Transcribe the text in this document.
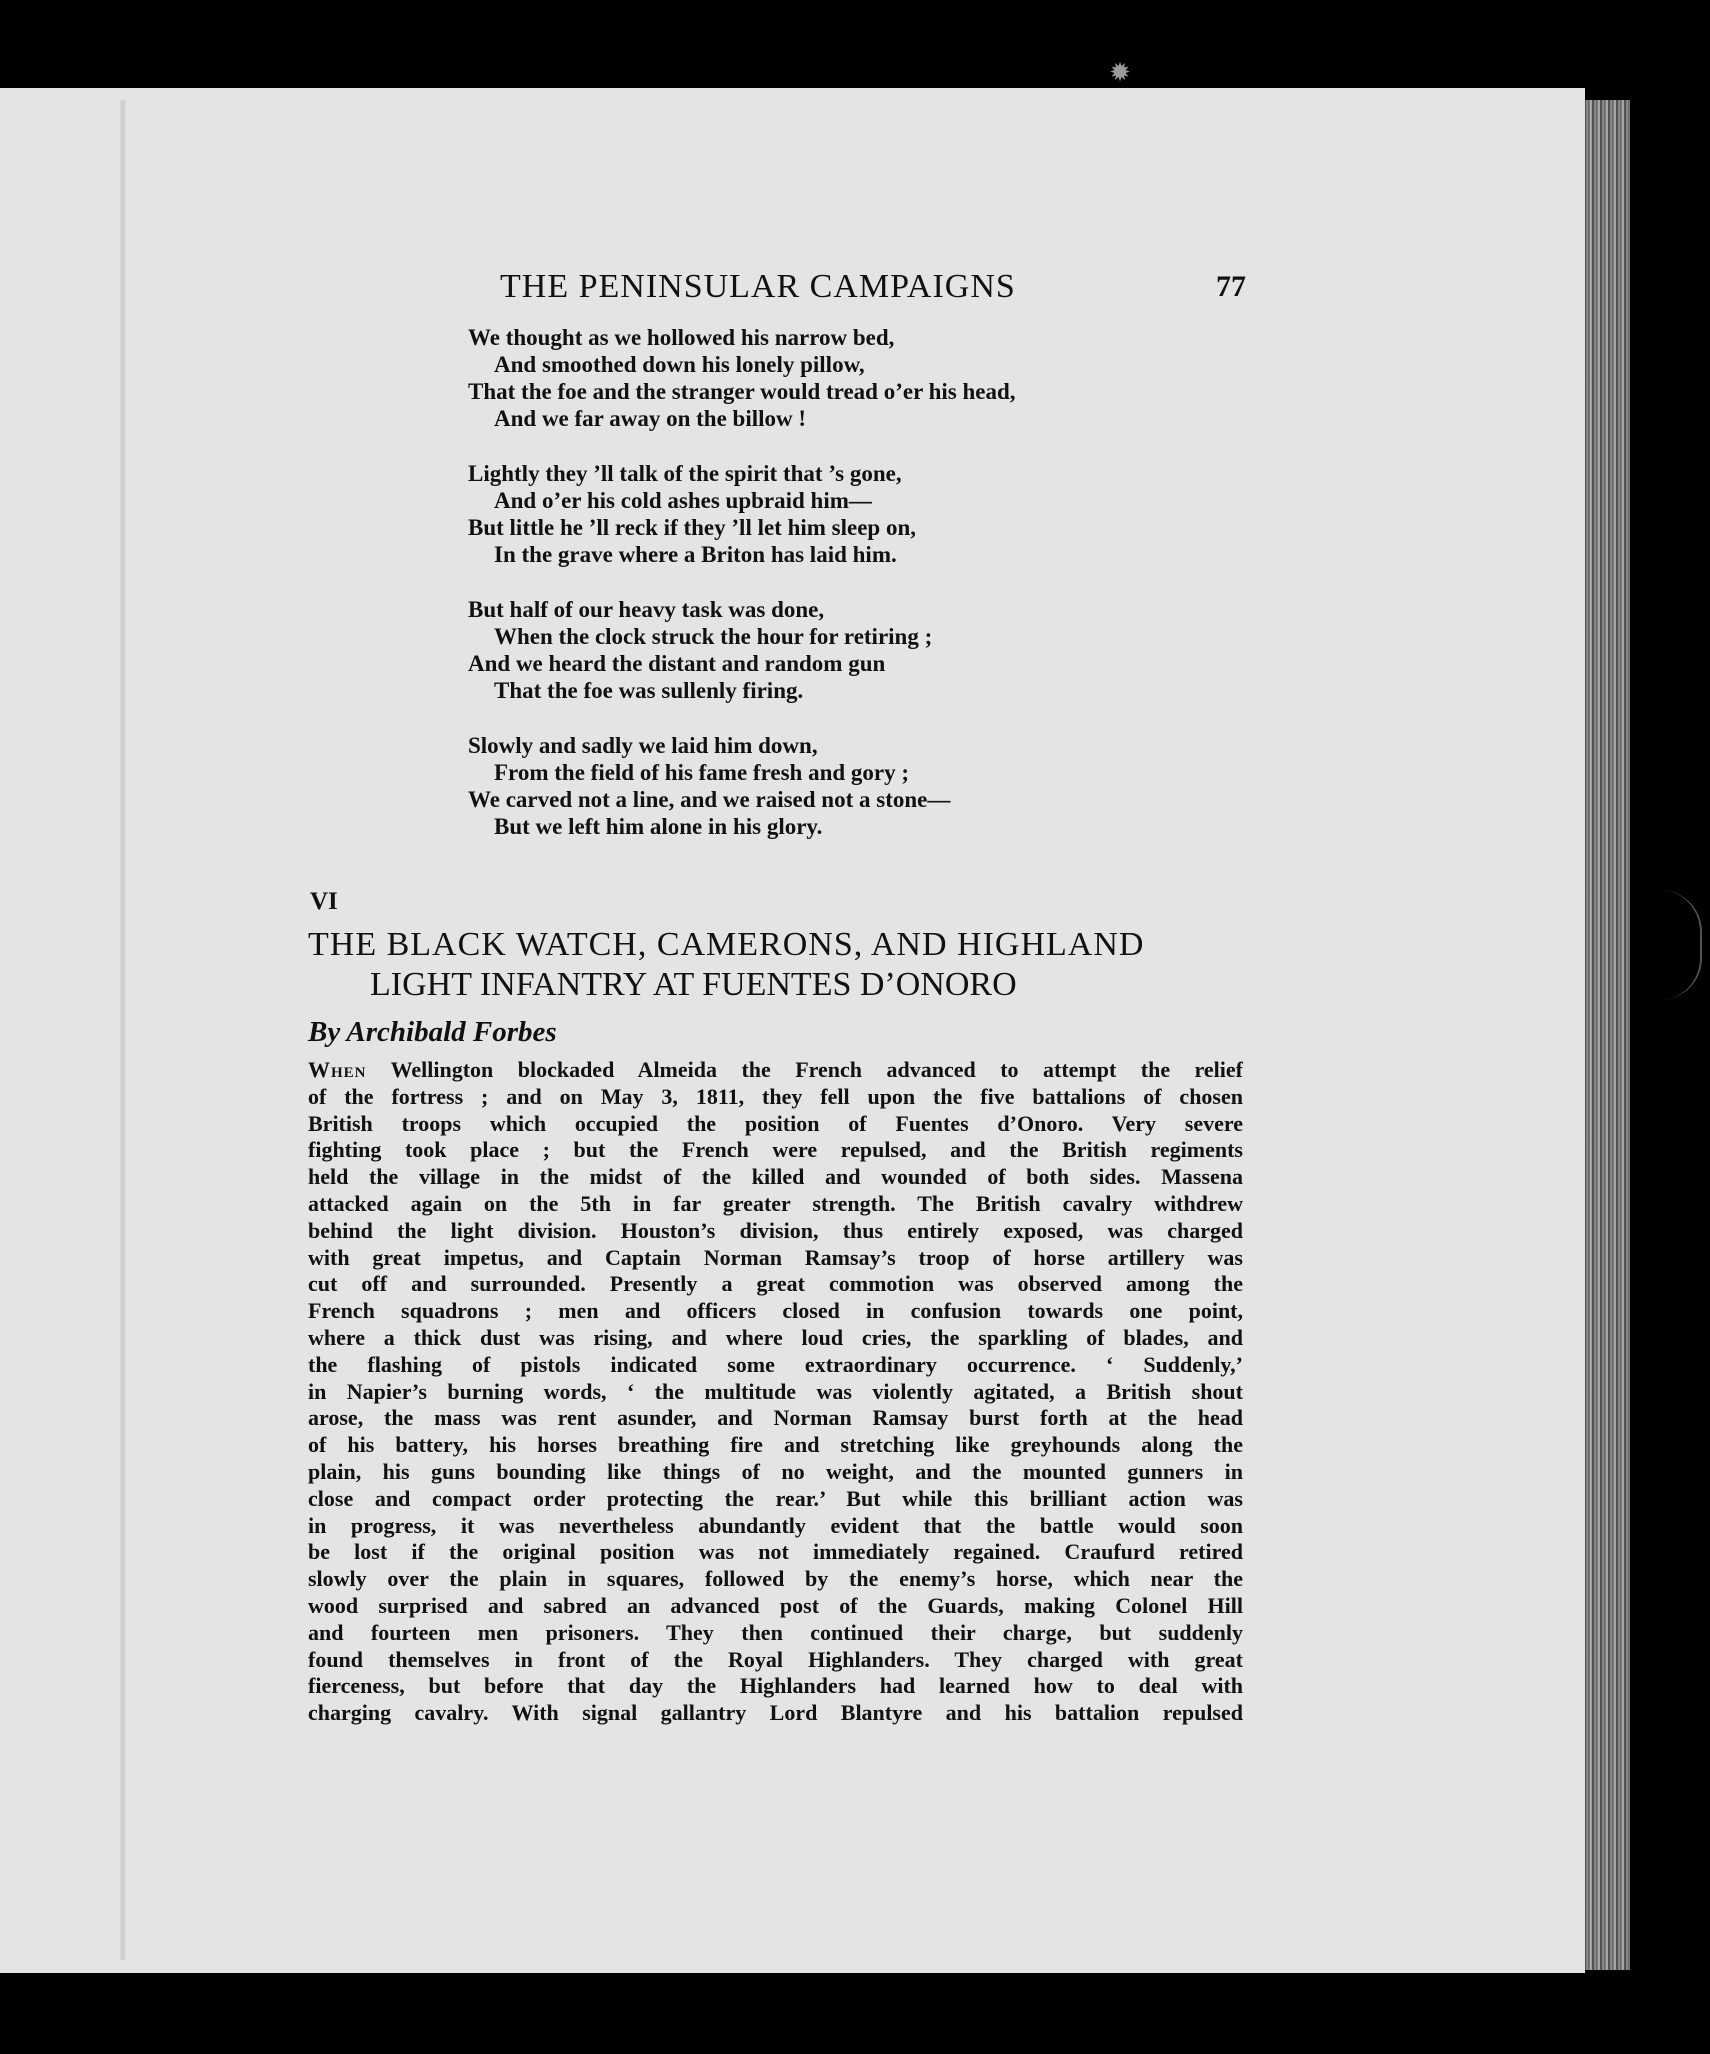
✹
THE PENINSULAR CAMPAIGNS	77
We thought as we hollowed his narrow bed,
And smoothed down his lonely pillow,
That the foe and the stranger would tread o’er his head,
And we far away on the billow !
Lightly they ’ll talk of the spirit that ’s gone,
And o’er his cold ashes upbraid him—
But little he ’ll reck if they ’ll let him sleep on,
In the grave where a Briton has laid him.
But half of our heavy task was done,
When the clock struck the hour for retiring ;
And we heard the distant and random gun
That the foe was sullenly firing.
Slowly and sadly we laid him down,
From the field of his fame fresh and gory ;
We carved not a line, and we raised not a stone—
But we left him alone in his glory.
VI
THE BLACK WATCH, CAMERONS, AND HIGHLAND
LIGHT INFANTRY AT FUENTES D’ONORO
By Archibald Forbes
When Wellington blockaded Almeida the French advanced to attempt the relief
of the fortress ; and on May 3, 1811, they fell upon the five battalions of chosen
British troops which occupied the position of Fuentes d’Onoro. Very severe
fighting took place ; but the French were repulsed, and the British regiments
held the village in the midst of the killed and wounded of both sides. Massena
attacked again on the 5th in far greater strength. The British cavalry withdrew
behind the light division. Houston’s division, thus entirely exposed, was charged
with great impetus, and Captain Norman Ramsay’s troop of horse artillery was
cut off and surrounded. Presently a great commotion was observed among the
French squadrons ; men and officers closed in confusion towards one point,
where a thick dust was rising, and where loud cries, the sparkling of blades, and
the flashing of pistols indicated some extraordinary occurrence. ‘ Suddenly,’
in Napier’s burning words, ‘ the multitude was violently agitated, a British shout
arose, the mass was rent asunder, and Norman Ramsay burst forth at the head
of his battery, his horses breathing fire and stretching like greyhounds along the
plain, his guns bounding like things of no weight, and the mounted gunners in
close and compact order protecting the rear.’ But while this brilliant action was
in progress, it was nevertheless abundantly evident that the battle would soon
be lost if the original position was not immediately regained. Craufurd retired
slowly over the plain in squares, followed by the enemy’s horse, which near the
wood surprised and sabred an advanced post of the Guards, making Colonel Hill
and fourteen men prisoners. They then continued their charge, but suddenly
found themselves in front of the Royal Highlanders. They charged with great
fierceness, but before that day the Highlanders had learned how to deal with
charging cavalry. With signal gallantry Lord Blantyre and his battalion repulsed
